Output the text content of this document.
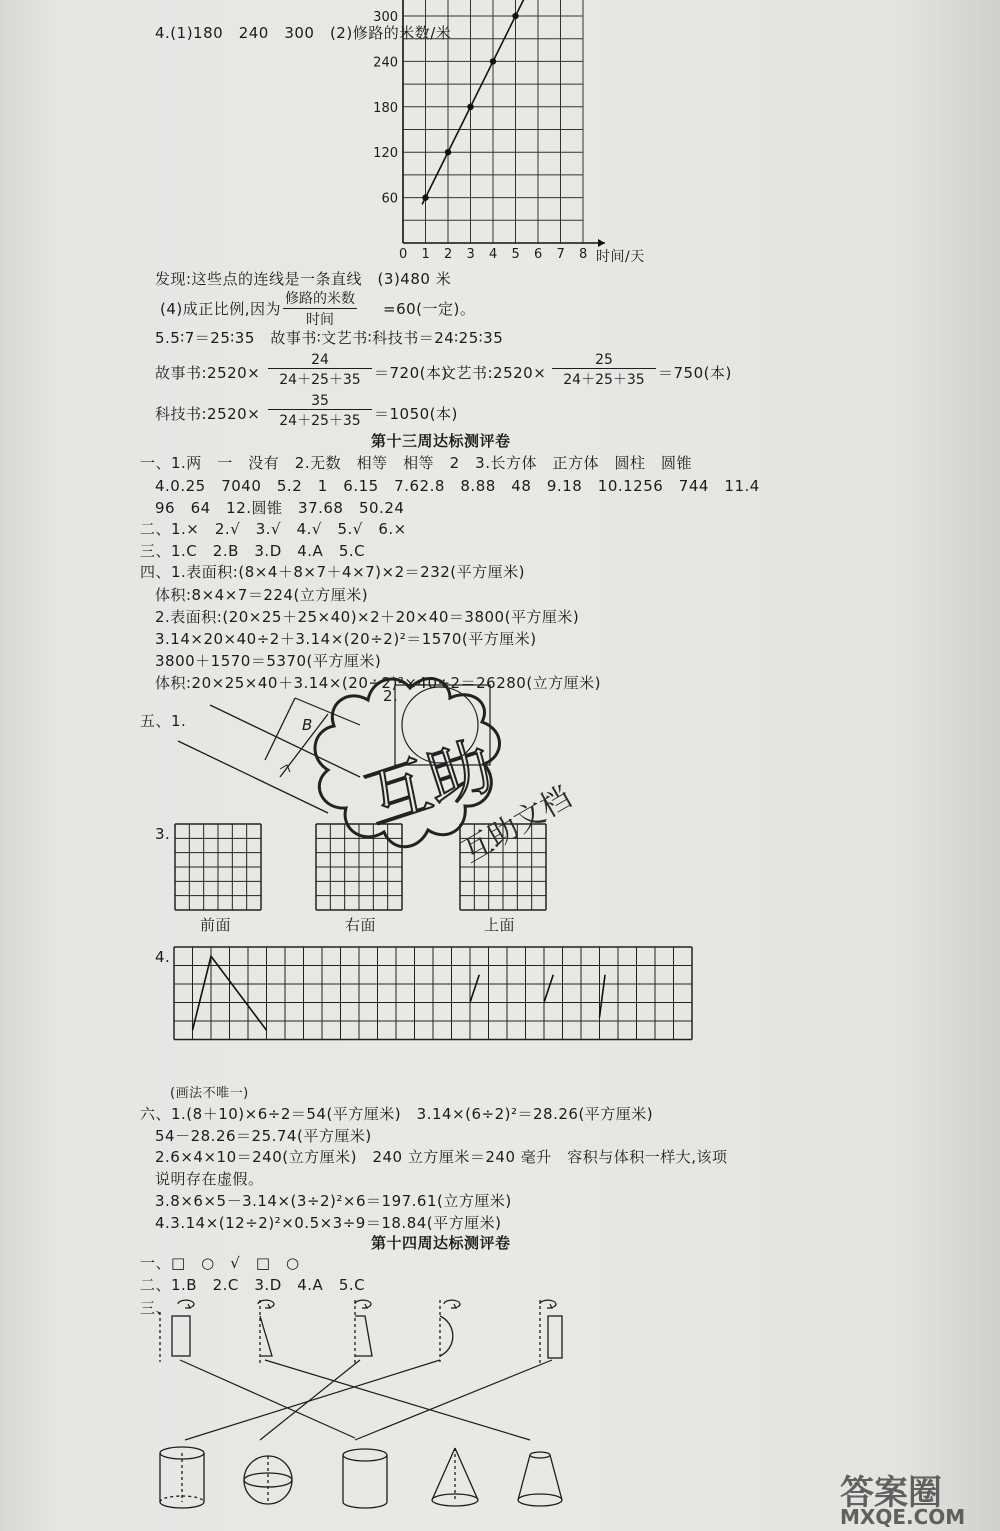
4.(1)180　240　300　(2)修路的米数/米
0 1 2 3 4 5 6 7 8
60
120
180
240
300
时间/天
发现:这些点的连线是一条直线　(3)480 米
(4)成正比例,因为
修路的米数
时间
=60(一定)。
5.5∶7＝25∶35　故事书∶文艺书∶科技书＝24∶25∶35
故事书:2520× $\frac{24}{24+25+35} =720$(本)
文艺书:2520× $\frac{25}{24+25+35} =750$(本)
科技书:2520× $\frac{35}{24+25+35} =1050$(本)
第十三周达标测评卷
一、1.两　一　没有　2.无数　相等　相等　2　3.长方体　正方体　圆柱　圆锥
4.0.25　7040　5.2　1　6.15　7.62.8　8.88　48　9.18　10.1256　744　11.4
96　64　12.圆锥　37.68　50.24
二、1.×　2.√　3.√　4.√　5.√　6.×
三、1.C　2.B　3.D　4.A　5.C
四、1.表面积:(8×4＋8×7＋4×7)×2＝232(平方厘米)
体积:8×4×7＝224(立方厘米)
2.表面积:(20×25＋25×40)×2＋20×40＝3800(平方厘米)
3.14×20×40÷2＋3.14×(20÷2)²＝1570(平方厘米)
3800＋1570＝5370(平方厘米)
体积:20×25×40＋3.14×(20÷2)²×40÷2＝26280(立方厘米)
五、1.	B
2.
3.
前面	右面	上面
4.
(画法不唯一)
六、1.(8＋10)×6÷2＝54(平方厘米)　3.14×(6÷2)²＝28.26(平方厘米)
54－28.26＝25.74(平方厘米)
2.6×4×10＝240(立方厘米)　240 立方厘米＝240 毫升　容积与体积一样大,该项
说明存在虚假。
3.8×6×5－3.14×(3÷2)²×6＝197.61(立方厘米)
4.3.14×(12÷2)²×0.5×3÷9＝18.84(平方厘米)
第十四周达标测评卷
一、□　○　√　□　○
二、1.B　2.C　3.D　4.A　5.C
三、
互助
互助文档
答案圈
MXQE.COM
